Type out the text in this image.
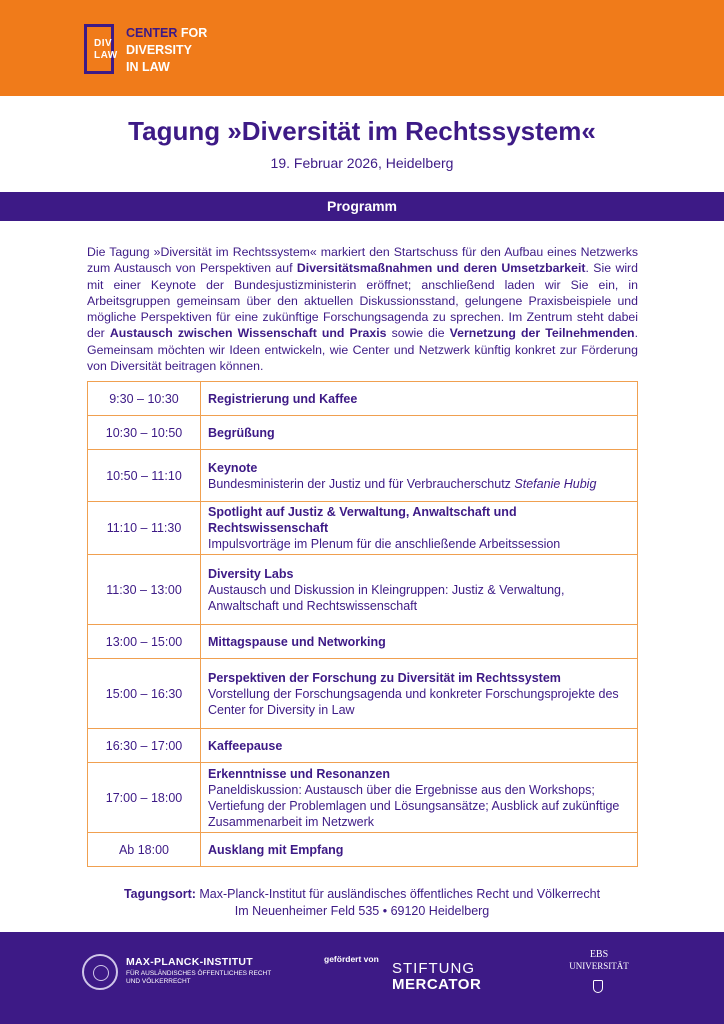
DIV
LAW
CENTER FOR
DIVERSITY
IN LAW
Tagung »Diversität im Rechtssystem«
19. Februar 2026, Heidelberg
Programm
Die Tagung »Diversität im Rechtssystem« markiert den Startschuss für den Aufbau eines Netzwerks zum Austausch von Perspektiven auf Diversitätsmaßnahmen und deren Umsetzbarkeit. Sie wird mit einer Keynote der Bundesjustizministerin eröffnet; anschließend laden wir Sie ein, in Arbeitsgruppen gemeinsam über den aktuellen Diskussionsstand, gelungene Praxisbeispiele und mögliche Perspektiven für eine zukünftige Forschungsagenda zu sprechen. Im Zentrum steht dabei der Austausch zwischen Wissenschaft und Praxis sowie die Vernetzung der Teilnehmenden. Gemeinsam möchten wir Ideen entwickeln, wie Center und Netzwerk künftig konkret zur Förderung von Diversität beitragen können.
9:30 – 10:30	Registrierung und Kaffee

10:30 – 10:50	Begrüßung

10:50 – 11:10	Keynote
Bundesministerin der Justiz und für Verbraucherschutz Stefanie Hubig

11:10 – 11:30	Spotlight auf Justiz & Verwaltung, Anwaltschaft und Rechtswissenschaft
Impulsvorträge im Plenum für die anschließende Arbeitssession

11:30 – 13:00	Diversity Labs
Austausch und Diskussion in Kleingruppen: Justiz & Verwaltung, Anwaltschaft und Rechtswissenschaft

13:00 – 15:00	Mittagspause und Networking

15:00 – 16:30	Perspektiven der Forschung zu Diversität im Rechtssystem
Vorstellung der Forschungsagenda und konkreter Forschungsprojekte des Center for Diversity in Law

16:30 – 17:00	Kaffeepause

17:00 – 18:00	Erkenntnisse und Resonanzen
Paneldiskussion: Austausch über die Ergebnisse aus den Workshops; Vertiefung der Problemlagen und Lösungsansätze; Ausblick auf zukünftige Zusammenarbeit im Netzwerk

Ab 18:00	Ausklang mit Empfang
Tagungsort: Max-Planck-Institut für ausländisches öffentliches Recht und Völkerrecht
Im Neuenheimer Feld 535 • 69120 Heidelberg
MAX-PLANCK-INSTITUT
FÜR AUSLÄNDISCHES ÖFFENTLICHES RECHT
UND VÖLKERRECHT
gefördert von
STIFTUNG
MERCATOR
EBS
UNIVERSITÄT
